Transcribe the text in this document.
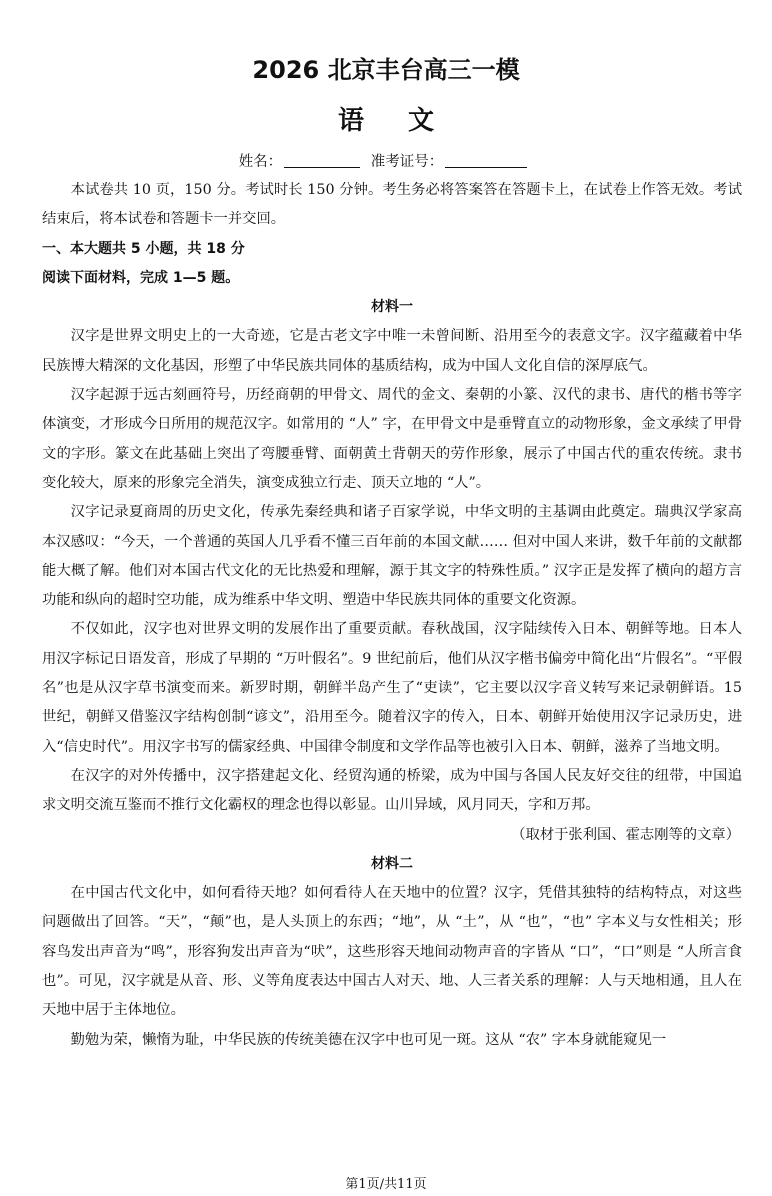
2026 北京丰台高三一模
语文
姓名：	准考证号：

本试卷共 10 页，150 分。考试时长 150 分钟。考生务必将答案答在答题卡上，在试卷上作答无效。考试结束后，将本试卷和答题卡一并交回。

一、本大题共 5 小题，共 18 分

阅读下面材料，完成 1—5 题。

材料一

汉字是世界文明史上的一大奇迹，它是古老文字中唯一未曾间断、沿用至今的表意文字。汉字蕴藏着中华民族博大精深的文化基因，形塑了中华民族共同体的基质结构，成为中国人文化自信的深厚底气。

汉字起源于远古刻画符号，历经商朝的甲骨文、周代的金文、秦朝的小篆、汉代的隶书、唐代的楷书等字体演变，才形成今日所用的规范汉字。如常用的 “人” 字，在甲骨文中是垂臂直立的动物形象，金文承续了甲骨文的字形。篆文在此基础上突出了弯腰垂臂、面朝黄土背朝天的劳作形象，展示了中国古代的重农传统。隶书变化较大，原来的形象完全消失，演变成独立行走、顶天立地的 “人”。

汉字记录夏商周的历史文化，传承先秦经典和诸子百家学说，中华文明的主基调由此奠定。瑞典汉学家高本汉感叹：“今天，一个普通的英国人几乎看不懂三百年前的本国文献…… 但对中国人来讲，数千年前的文献都能大概了解。他们对本国古代文化的无比热爱和理解，源于其文字的特殊性质。” 汉字正是发挥了横向的超方言功能和纵向的超时空功能，成为维系中华文明、塑造中华民族共同体的重要文化资源。

不仅如此，汉字也对世界文明的发展作出了重要贡献。春秋战国，汉字陆续传入日本、朝鲜等地。日本人用汉字标记日语发音，形成了早期的 “万叶假名”。9 世纪前后，他们从汉字楷书偏旁中简化出“片假名”。“平假名”也是从汉字草书演变而来。新罗时期，朝鲜半岛产生了“吏读”，它主要以汉字音义转写来记录朝鲜语。15 世纪，朝鲜又借鉴汉字结构创制“谚文”，沿用至今。随着汉字的传入，日本、朝鲜开始使用汉字记录历史，进入“信史时代”。用汉字书写的儒家经典、中国律令制度和文学作品等也被引入日本、朝鲜，滋养了当地文明。

在汉字的对外传播中，汉字搭建起文化、经贸沟通的桥梁，成为中国与各国人民友好交往的纽带，中国追求文明交流互鉴而不推行文化霸权的理念也得以彰显。山川异域，风月同天，字和万邦。

（取材于张利国、霍志刚等的文章）

材料二

在中国古代文化中，如何看待天地？如何看待人在天地中的位置？汉字，凭借其独特的结构特点，对这些问题做出了回答。“天”，“颠”也，是人头顶上的东西；“地”，从 “土”，从 “也”，“也” 字本义与女性相关；形容鸟发出声音为“鸣”，形容狗发出声音为“吠”，这些形容天地间动物声音的字皆从 “口”，“口”则是 “人所言食也”。可见，汉字就是从音、形、义等角度表达中国古人对天、地、人三者关系的理解：人与天地相通，且人在天地中居于主体地位。

勤勉为荣，懒惰为耻，中华民族的传统美德在汉字中也可见一斑。这从 “农” 字本身就能窥见一

第1页/共11页
